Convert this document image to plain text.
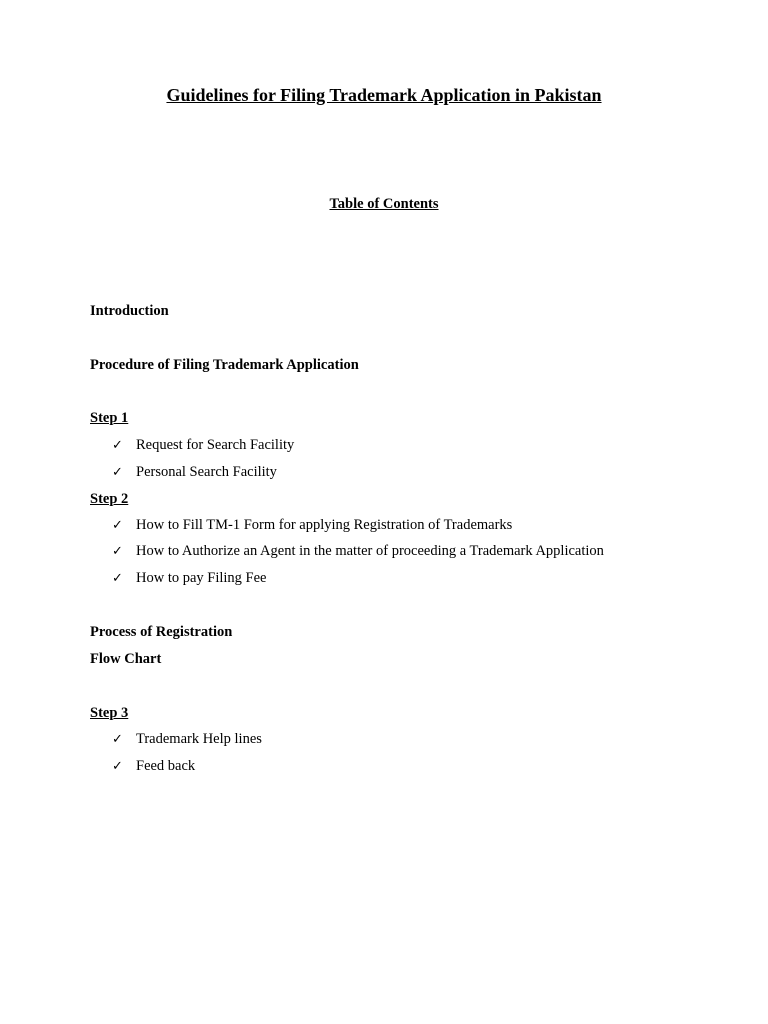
Guidelines for Filing Trademark Application in Pakistan
Table of Contents
Introduction
Procedure of Filing Trademark Application
Step 1
✓ Request for Search Facility
✓ Personal Search Facility
Step 2
✓ How to Fill TM-1 Form for applying Registration of Trademarks
✓ How to Authorize an Agent in the matter of proceeding a Trademark Application
✓ How to pay Filing Fee
Process of Registration
Flow Chart
Step 3
✓ Trademark Help lines
✓ Feed back
